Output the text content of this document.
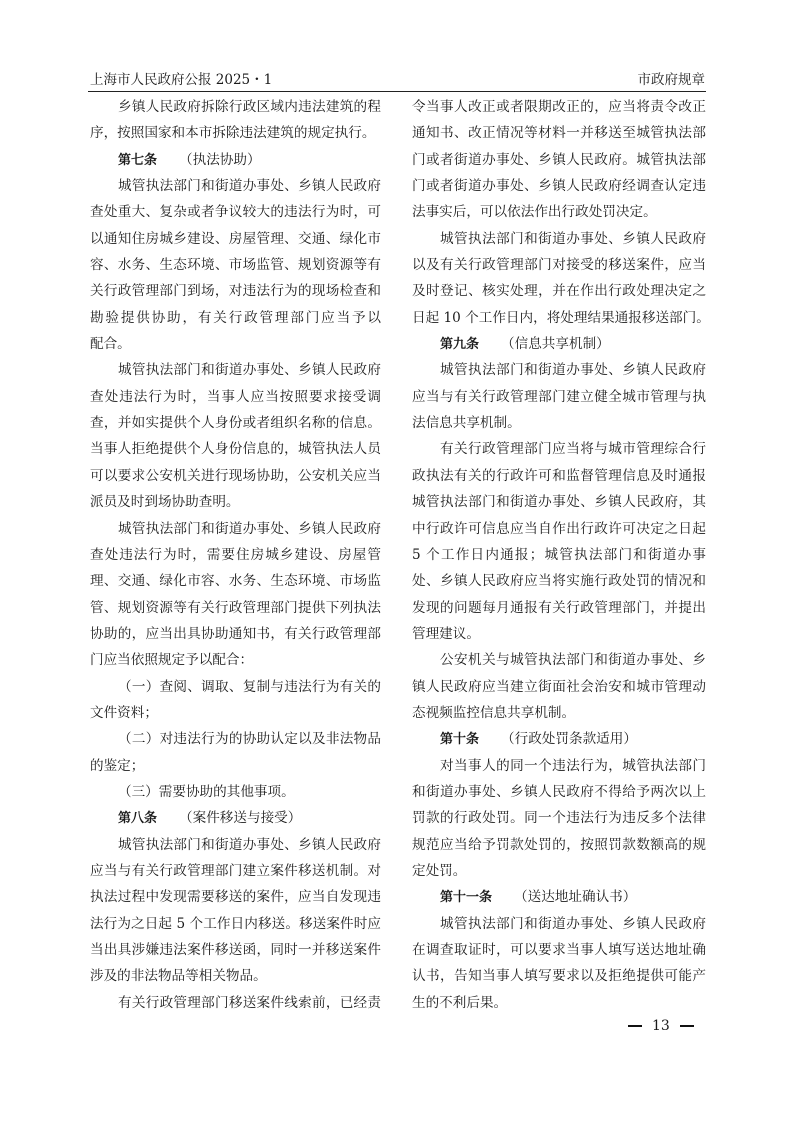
上海市人民政府公报 2025・1	市政府规章
乡镇人民政府拆除行政区域内违法建筑的程
序，按照国家和本市拆除违法建筑的规定执行。
第七条 （执法协助）
城管执法部门和街道办事处、乡镇人民政府
查处重大、复杂或者争议较大的违法行为时，可
以通知住房城乡建设、房屋管理、交通、绿化市
容、水务、生态环境、市场监管、规划资源等有
关行政管理部门到场，对违法行为的现场检查和
勘验提供协助，有关行政管理部门应当予以
配合。
城管执法部门和街道办事处、乡镇人民政府
查处违法行为时，当事人应当按照要求接受调
查，并如实提供个人身份或者组织名称的信息。
当事人拒绝提供个人身份信息的，城管执法人员
可以要求公安机关进行现场协助，公安机关应当
派员及时到场协助查明。
城管执法部门和街道办事处、乡镇人民政府
查处违法行为时，需要住房城乡建设、房屋管
理、交通、绿化市容、水务、生态环境、市场监
管、规划资源等有关行政管理部门提供下列执法
协助的，应当出具协助通知书，有关行政管理部
门应当依照规定予以配合：
（一）查阅、调取、复制与违法行为有关的
文件资料；
（二）对违法行为的协助认定以及非法物品
的鉴定；
（三）需要协助的其他事项。
第八条 （案件移送与接受）
城管执法部门和街道办事处、乡镇人民政府
应当与有关行政管理部门建立案件移送机制。对
执法过程中发现需要移送的案件，应当自发现违
法行为之日起 5 个工作日内移送。移送案件时应
当出具涉嫌违法案件移送函，同时一并移送案件
涉及的非法物品等相关物品。
有关行政管理部门移送案件线索前，已经责
令当事人改正或者限期改正的，应当将责令改正
通知书、改正情况等材料一并移送至城管执法部
门或者街道办事处、乡镇人民政府。城管执法部
门或者街道办事处、乡镇人民政府经调查认定违
法事实后，可以依法作出行政处罚决定。
城管执法部门和街道办事处、乡镇人民政府
以及有关行政管理部门对接受的移送案件，应当
及时登记、核实处理，并在作出行政处理决定之
日起 10 个工作日内，将处理结果通报移送部门。
第九条 （信息共享机制）
城管执法部门和街道办事处、乡镇人民政府
应当与有关行政管理部门建立健全城市管理与执
法信息共享机制。
有关行政管理部门应当将与城市管理综合行
政执法有关的行政许可和监督管理信息及时通报
城管执法部门和街道办事处、乡镇人民政府，其
中行政许可信息应当自作出行政许可决定之日起
5 个工作日内通报；城管执法部门和街道办事
处、乡镇人民政府应当将实施行政处罚的情况和
发现的问题每月通报有关行政管理部门，并提出
管理建议。
公安机关与城管执法部门和街道办事处、乡
镇人民政府应当建立街面社会治安和城市管理动
态视频监控信息共享机制。
第十条 （行政处罚条款适用）
对当事人的同一个违法行为，城管执法部门
和街道办事处、乡镇人民政府不得给予两次以上
罚款的行政处罚。同一个违法行为违反多个法律
规范应当给予罚款处罚的，按照罚款数额高的规
定处罚。
第十一条 （送达地址确认书）
城管执法部门和街道办事处、乡镇人民政府
在调查取证时，可以要求当事人填写送达地址确
认书，告知当事人填写要求以及拒绝提供可能产
生的不利后果。
13
